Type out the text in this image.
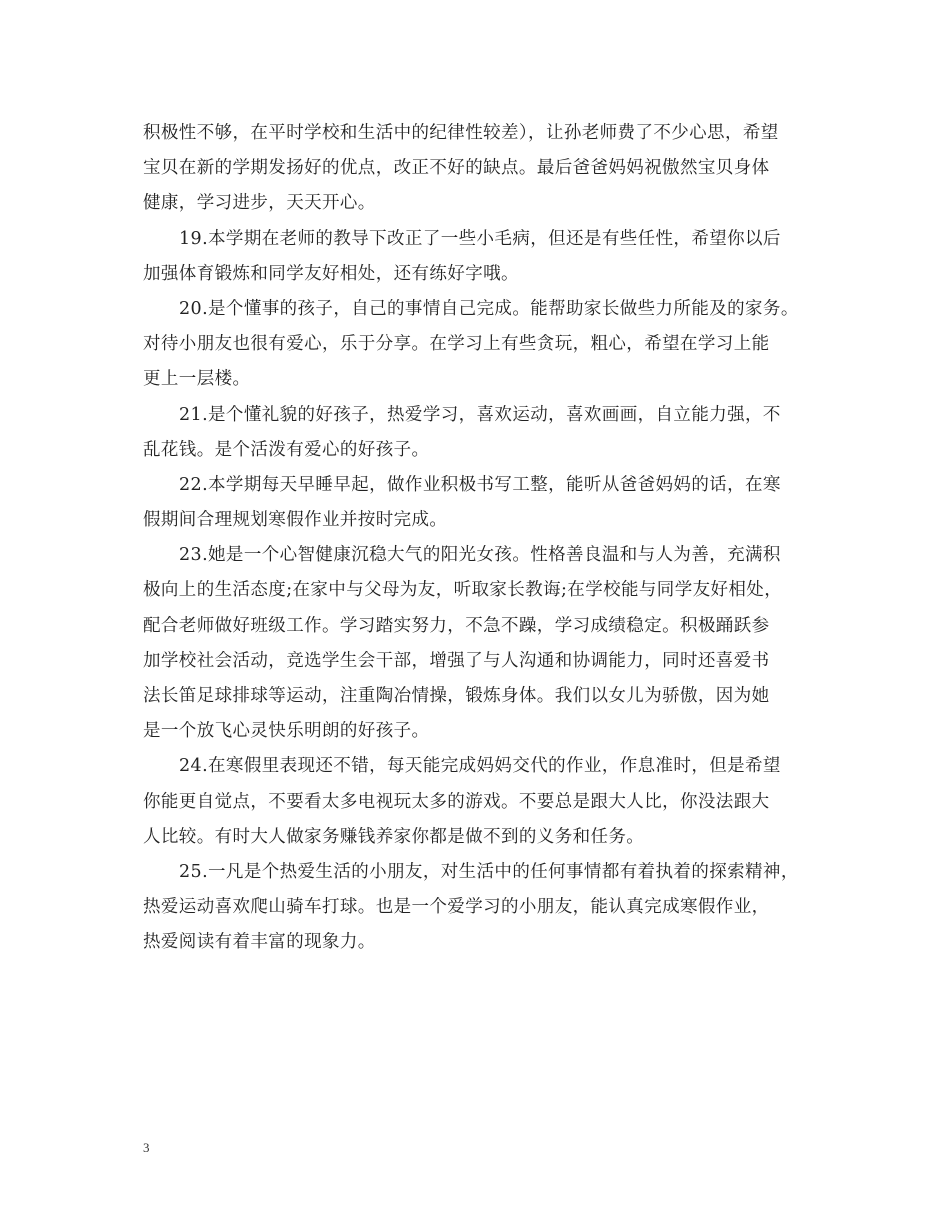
积极性不够，在平时学校和生活中的纪律性较差），让孙老师费了不少心思，希望
宝贝在新的学期发扬好的优点，改正不好的缺点。最后爸爸妈妈祝傲然宝贝身体
健康，学习进步，天天开心。
19.本学期在老师的教导下改正了一些小毛病，但还是有些任性，希望你以后
加强体育锻炼和同学友好相处，还有练好字哦。
20.是个懂事的孩子，自己的事情自己完成。能帮助家长做些力所能及的家务。
对待小朋友也很有爱心，乐于分享。在学习上有些贪玩，粗心，希望在学习上能
更上一层楼。
21.是个懂礼貌的好孩子，热爱学习，喜欢运动，喜欢画画，自立能力强，不
乱花钱。是个活泼有爱心的好孩子。
22.本学期每天早睡早起，做作业积极书写工整，能听从爸爸妈妈的话，在寒
假期间合理规划寒假作业并按时完成。
23.她是一个心智健康沉稳大气的阳光女孩。性格善良温和与人为善，充满积
极向上的生活态度;在家中与父母为友，听取家长教诲;在学校能与同学友好相处，
配合老师做好班级工作。学习踏实努力，不急不躁，学习成绩稳定。积极踊跃参
加学校社会活动，竞选学生会干部，增强了与人沟通和协调能力，同时还喜爱书
法长笛足球排球等运动，注重陶冶情操，锻炼身体。我们以女儿为骄傲，因为她
是一个放飞心灵快乐明朗的好孩子。
24.在寒假里表现还不错，每天能完成妈妈交代的作业，作息准时，但是希望
你能更自觉点，不要看太多电视玩太多的游戏。不要总是跟大人比，你没法跟大
人比较。有时大人做家务赚钱养家你都是做不到的义务和任务。
25.一凡是个热爱生活的小朋友，对生活中的任何事情都有着执着的探索精神，
热爱运动喜欢爬山骑车打球。也是一个爱学习的小朋友，能认真完成寒假作业，
热爱阅读有着丰富的现象力。
3
